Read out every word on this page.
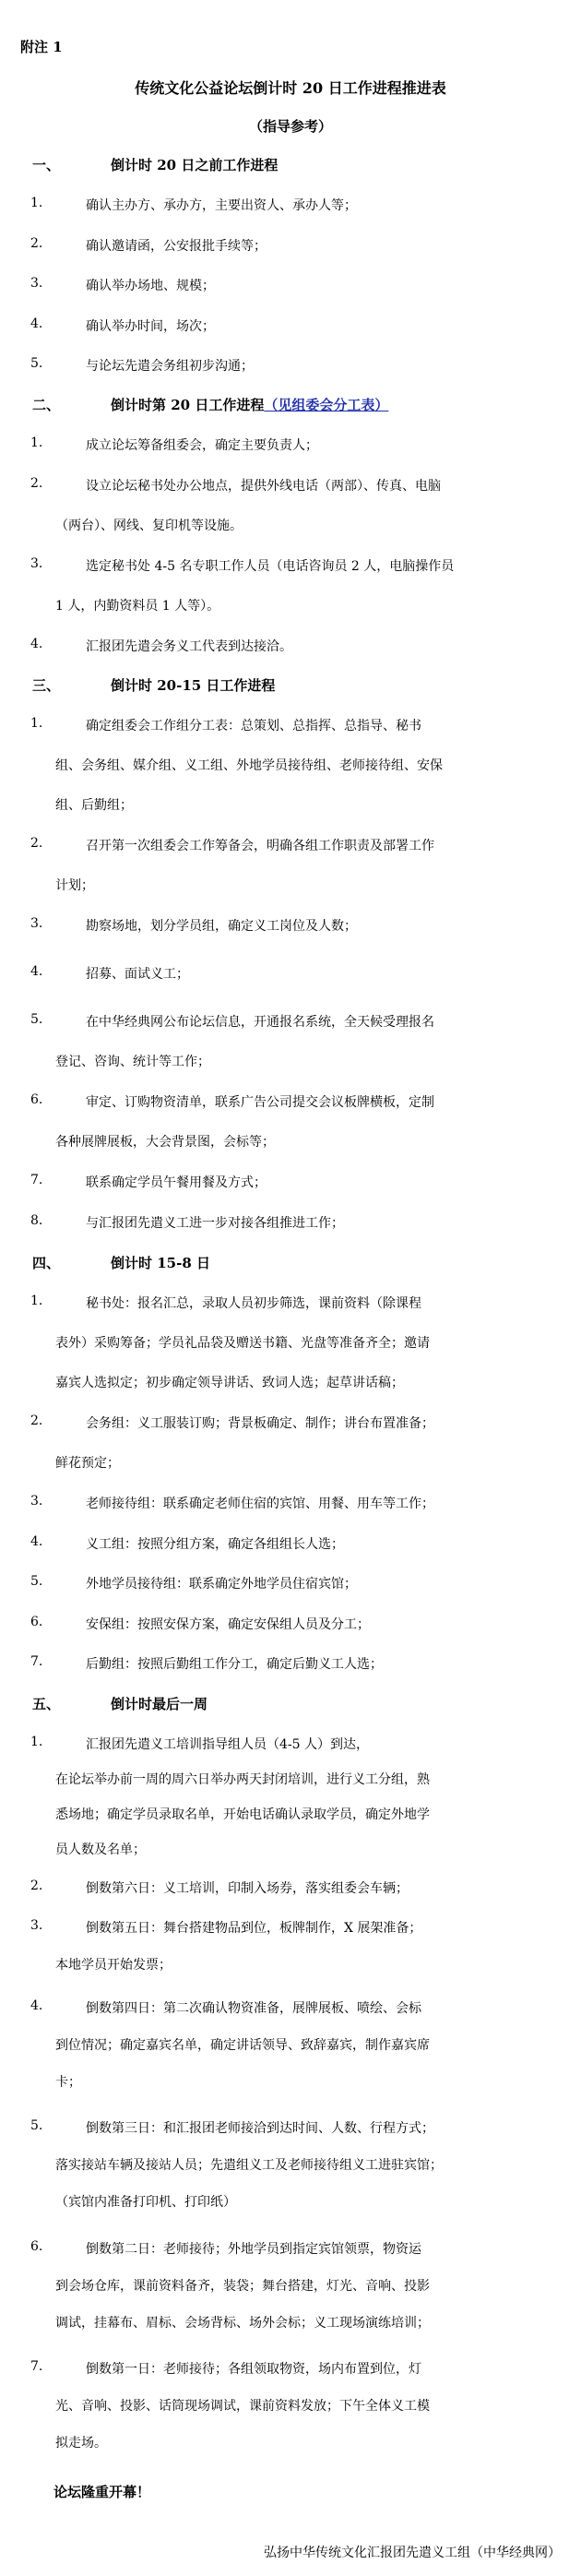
附注 1
传统文化公益论坛倒计时 20 日工作进程推进表
（指导参考）
一、	倒计时 20 日之前工作进程
1.	确认主办方、承办方，主要出资人、承办人等；
2.	确认邀请函，公安报批手续等；
3.	确认举办场地、规模；
4.	确认举办时间，场次；
5.	与论坛先遣会务组初步沟通；
二、	倒计时第 20 日工作进程（见组委会分工表）
1.	成立论坛筹备组委会，确定主要负责人；
2.	设立论坛秘书处办公地点，提供外线电话（两部）、传真、电脑
（两台）、网线、复印机等设施。
3.	选定秘书处 4-5 名专职工作人员（电话咨询员 2 人，电脑操作员
1 人，内勤资料员 1 人等）。
4.	汇报团先遣会务义工代表到达接洽。
三、	倒计时 20-15 日工作进程
1.	确定组委会工作组分工表：总策划、总指挥、总指导、秘书
组、会务组、媒介组、义工组、外地学员接待组、老师接待组、安保
组、后勤组；
2.	召开第一次组委会工作筹备会，明确各组工作职责及部署工作
计划；
3.	勘察场地，划分学员组，确定义工岗位及人数；
4.	招募、面试义工；
5.	在中华经典网公布论坛信息，开通报名系统，全天候受理报名
登记、咨询、统计等工作；
6.	审定、订购物资清单，联系广告公司提交会议板牌横板，定制
各种展牌展板，大会背景图，会标等；
7.	联系确定学员午餐用餐及方式；
8.	与汇报团先遣义工进一步对接各组推进工作；
四、	倒计时 15-8 日
1.	秘书处：报名汇总，录取人员初步筛选，课前资料（除课程
表外）采购筹备；学员礼品袋及赠送书籍、光盘等准备齐全；邀请
嘉宾人选拟定；初步确定领导讲话、致词人选；起草讲话稿；
2.	会务组：义工服装订购；背景板确定、制作；讲台布置准备；
鲜花预定；
3.	老师接待组：联系确定老师住宿的宾馆、用餐、用车等工作；
4.	义工组：按照分组方案，确定各组组长人选；
5.	外地学员接待组：联系确定外地学员住宿宾馆；
6.	安保组：按照安保方案，确定安保组人员及分工；
7.	后勤组：按照后勤组工作分工，确定后勤义工人选；
五、	倒计时最后一周
1.	汇报团先遣义工培训指导组人员（4-5 人）到达，
在论坛举办前一周的周六日举办两天封闭培训，进行义工分组，熟
悉场地；确定学员录取名单，开始电话确认录取学员，确定外地学
员人数及名单；
2.	倒数第六日：义工培训，印制入场券，落实组委会车辆；
3.	倒数第五日：舞台搭建物品到位，板牌制作，X 展架准备；
本地学员开始发票；
4.	倒数第四日：第二次确认物资准备，展牌展板、喷绘、会标
到位情况；确定嘉宾名单，确定讲话领导、致辞嘉宾，制作嘉宾席
卡；
5.	倒数第三日：和汇报团老师接洽到达时间、人数、行程方式；
落实接站车辆及接站人员；先遣组义工及老师接待组义工进驻宾馆；
（宾馆内准备打印机、打印纸）
6.	倒数第二日：老师接待；外地学员到指定宾馆领票，物资运
到会场仓库，课前资料备齐，装袋；舞台搭建，灯光、音响、投影
调试，挂幕布、眉标、会场背标、场外会标；义工现场演练培训；
7.	倒数第一日：老师接待；各组领取物资，场内布置到位，灯
光、音响、投影、话筒现场调试，课前资料发放；下午全体义工模
拟走场。
论坛隆重开幕！
弘扬中华传统文化汇报团先遣义工组（中华经典网）
